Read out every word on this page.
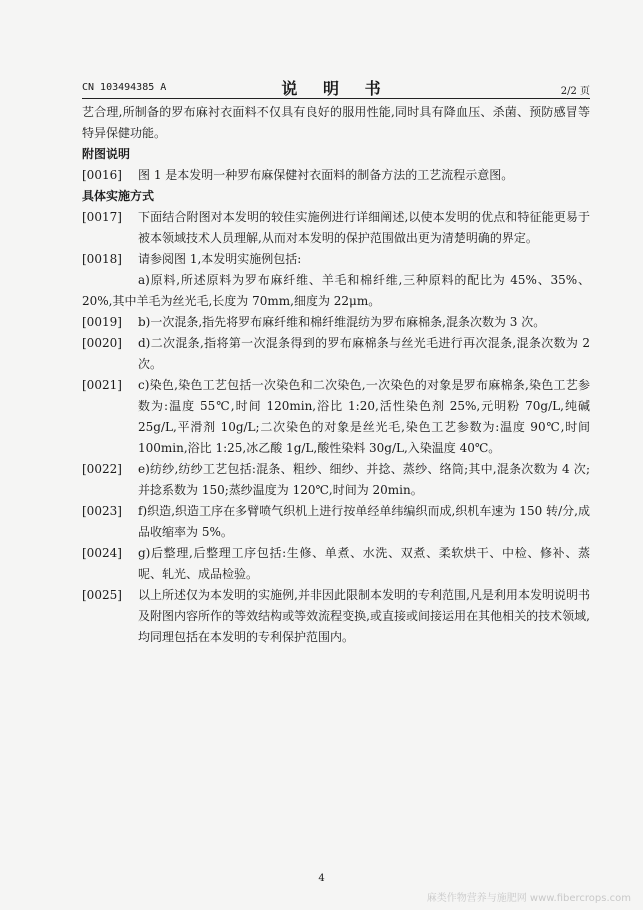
CN 103494385 A	说 明 书	2/2 页

艺合理,所制备的罗布麻衬衣面料不仅具有良好的服用性能,同时具有降血压、杀菌、预防感冒等特异保健功能。

附图说明

[0016]	图 1 是本发明一种罗布麻保健衬衣面料的制备方法的工艺流程示意图。

具体实施方式

[0017]	下面结合附图对本发明的较佳实施例进行详细阐述,以使本发明的优点和特征能更易于被本领域技术人员理解,从而对本发明的保护范围做出更为清楚明确的界定。
[0018]	请参阅图 1,本发明实施例包括:

a)原料,所述原料为罗布麻纤维、羊毛和棉纤维,三种原料的配比为 45%、35%、20%,其中羊毛为丝光毛,长度为 70mm,细度为 22μm。

[0019]	b)一次混条,指先将罗布麻纤维和棉纤维混纺为罗布麻棉条,混条次数为 3 次。
[0020]	d)二次混条,指将第一次混条得到的罗布麻棉条与丝光毛进行再次混条,混条次数为 2 次。
[0021]	c)染色,染色工艺包括一次染色和二次染色,一次染色的对象是罗布麻棉条,染色工艺参数为:温度 55℃,时间 120min,浴比 1:20,活性染色剂 25%,元明粉 70g/L,纯碱 25g/L,平滑剂 10g/L;二次染色的对象是丝光毛,染色工艺参数为:温度 90℃,时间 100min,浴比 1:25,冰乙酸 1g/L,酸性染料 30g/L,入染温度 40℃。
[0022]	e)纺纱,纺纱工艺包括:混条、粗纱、细纱、并捻、蒸纱、络筒;其中,混条次数为 4 次;并捻系数为 150;蒸纱温度为 120℃,时间为 20min。
[0023]	f)织造,织造工序在多臂喷气织机上进行按单经单纬编织而成,织机车速为 150 转/分,成品收缩率为 5%。
[0024]	g)后整理,后整理工序包括:生修、单煮、水洗、双煮、柔软烘干、中检、修补、蒸呢、轧光、成品检验。
[0025]	以上所述仅为本发明的实施例,并非因此限制本发明的专利范围,凡是利用本发明说明书及附图内容所作的等效结构或等效流程变换,或直接或间接运用在其他相关的技术领域,均同理包括在本发明的专利保护范围内。
4
麻类作物营养与施肥网 www.fibercrops.com
